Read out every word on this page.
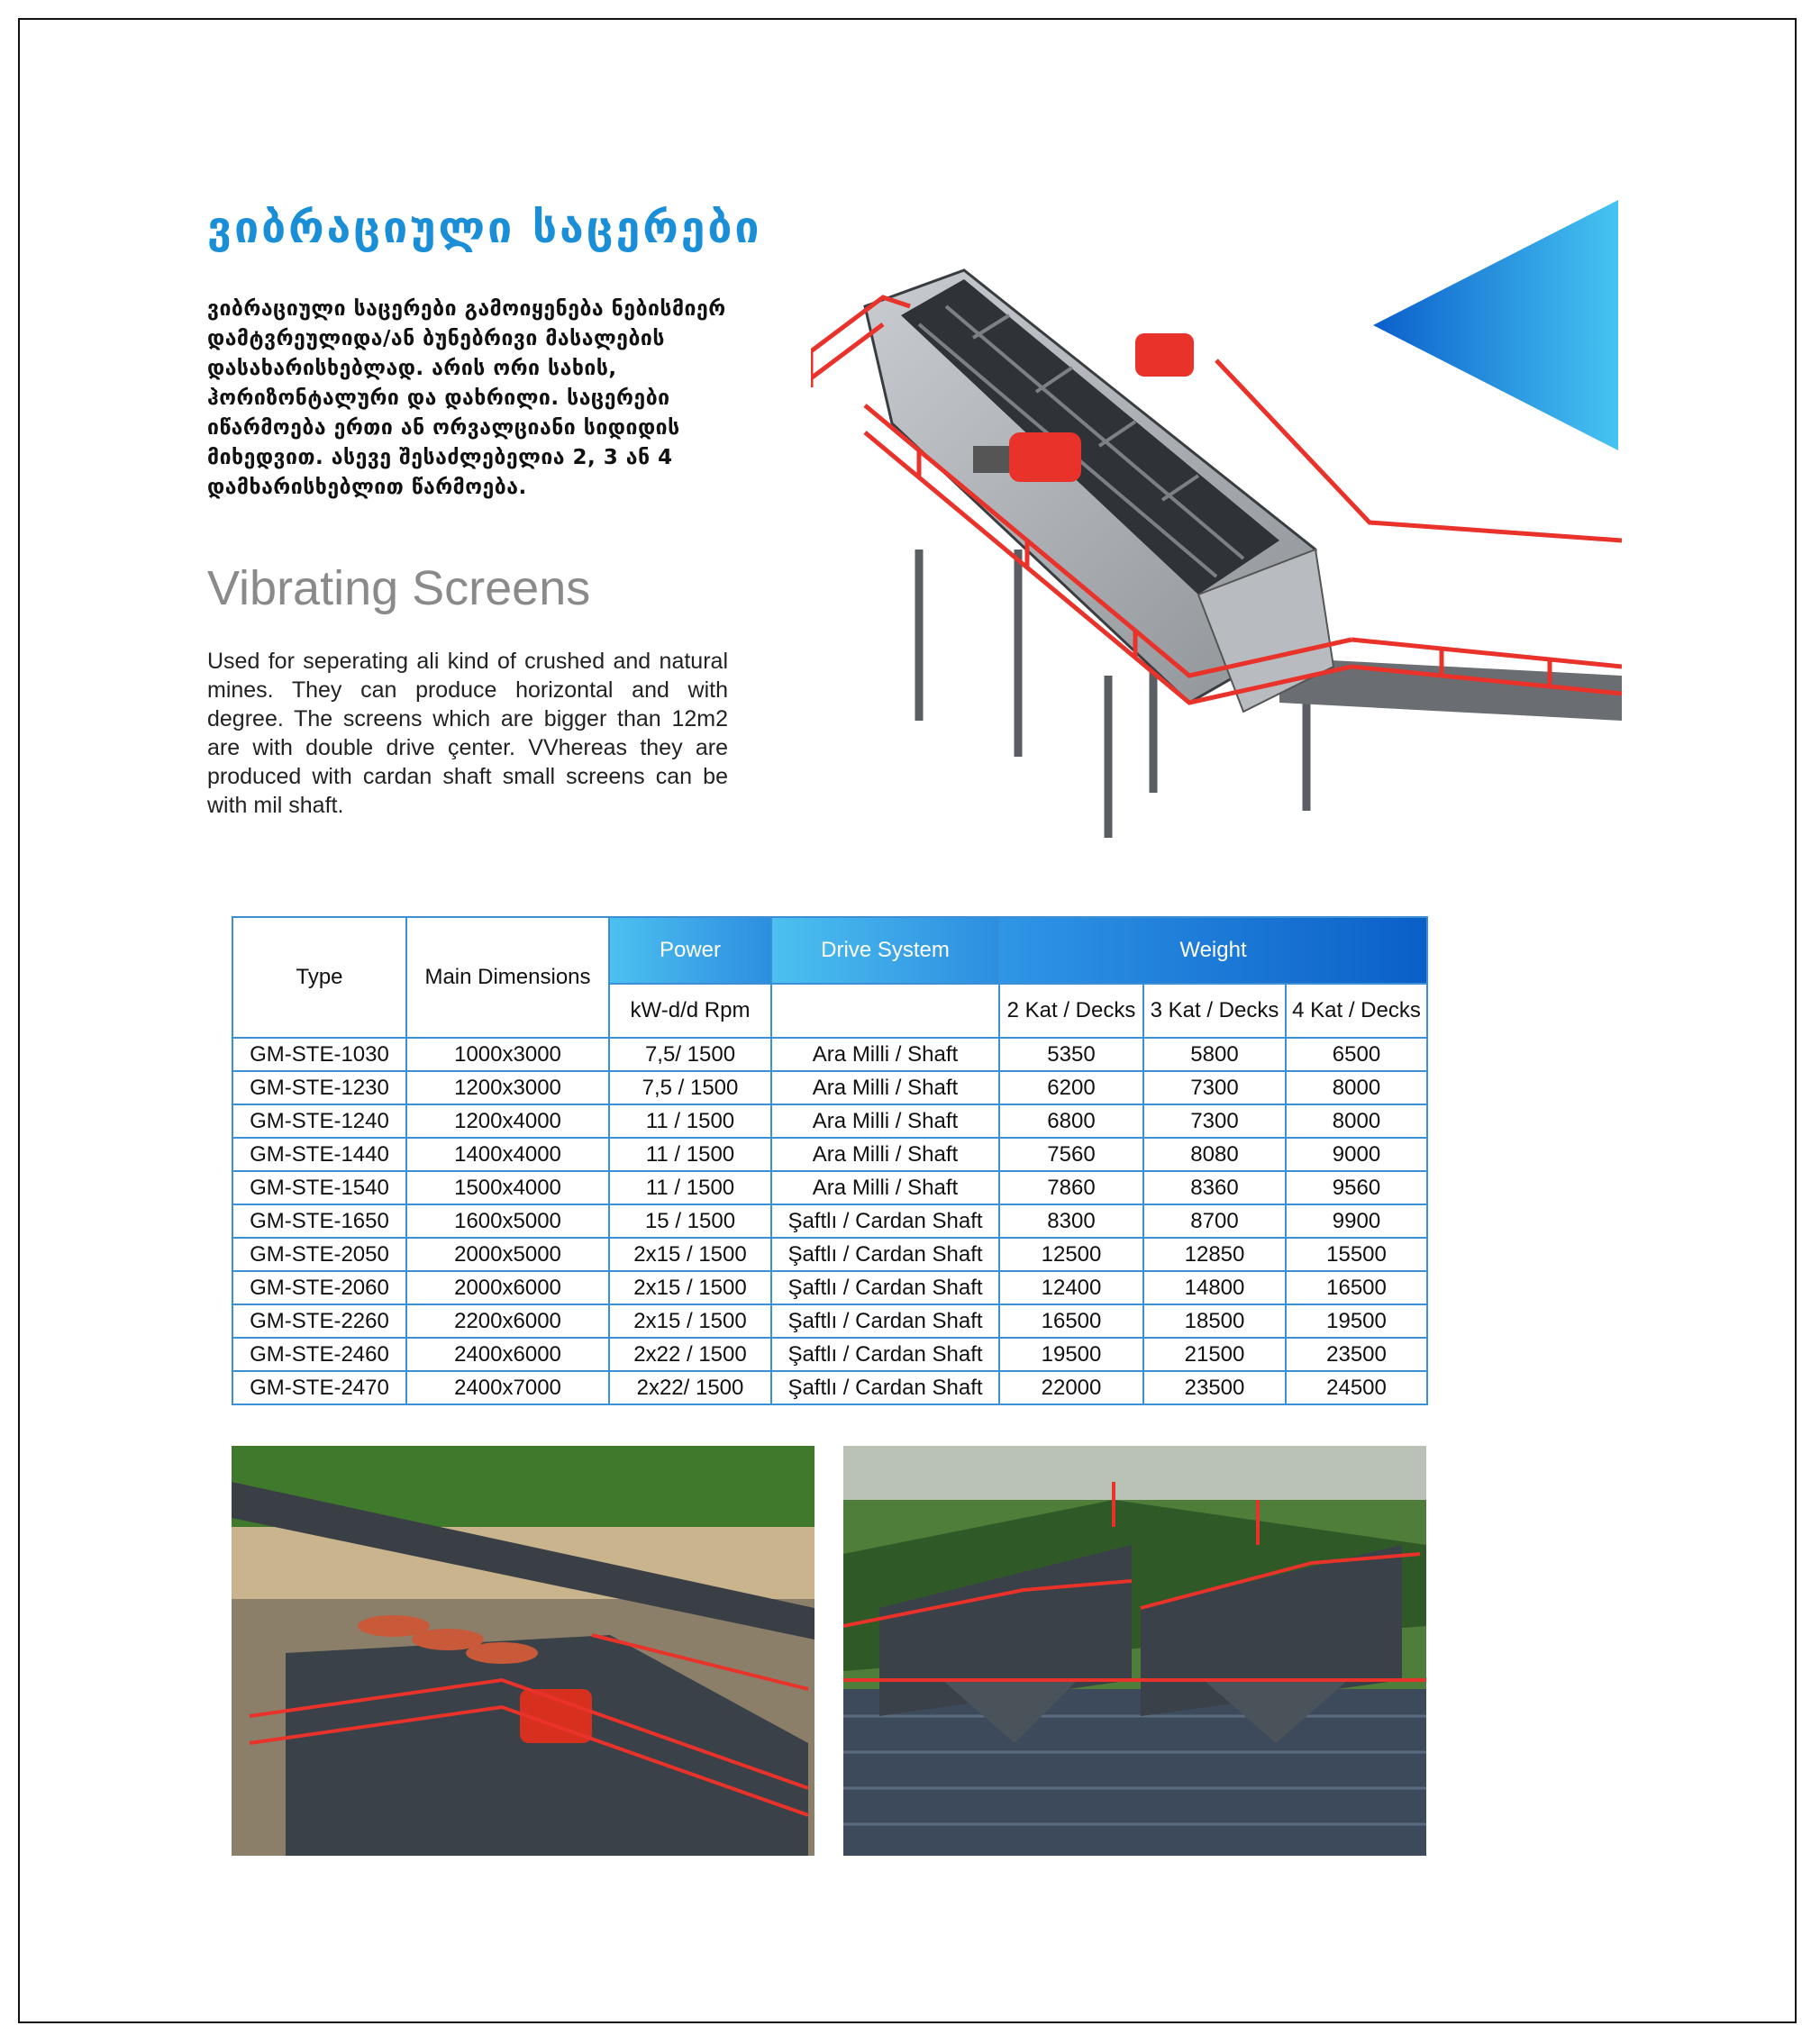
ვიბრაციული საცერები
ვიბრაციული საცერები გამოიყენება ნებისმიერ დამტვრეულიდა/ან ბუნებრივი მასალების დასახარისხებლად. არის ორი სახის, ჰორიზონტალური და დახრილი. საცერები იწარმოება ერთი ან ორვალციანი სიდიდის მიხედვით. ასევე შესაძლებელია 2, 3 ან 4 დამხარისხებლით წარმოება.
Vibrating Screens
Used for seperating ali kind of crushed and natural mines. They can produce horizontal and with degree. The screens which are bigger than 12m2 are with double drive çenter. VVhereas they are produced with cardan shaft small screens can be with mil shaft.
Type	Main Dimensions	Power	Drive System	Weight		
		kW-d/d Rpm		2 Kat / Decks	3 Kat / Decks	4 Kat / Decks
GM-STE-1030	1000x3000	7,5/ 1500	Ara Milli / Shaft	5350	5800	6500
GM-STE-1230	1200x3000	7,5 / 1500	Ara Milli / Shaft	6200	7300	8000
GM-STE-1240	1200x4000	11 / 1500	Ara Milli / Shaft	6800	7300	8000
GM-STE-1440	1400x4000	11 / 1500	Ara Milli / Shaft	7560	8080	9000
GM-STE-1540	1500x4000	11 / 1500	Ara Milli / Shaft	7860	8360	9560
GM-STE-1650	1600x5000	15 / 1500	Şaftlı / Cardan Shaft	8300	8700	9900
GM-STE-2050	2000x5000	2x15 / 1500	Şaftlı / Cardan Shaft	12500	12850	15500
GM-STE-2060	2000x6000	2x15 / 1500	Şaftlı / Cardan Shaft	12400	14800	16500
GM-STE-2260	2200x6000	2x15 / 1500	Şaftlı / Cardan Shaft	16500	18500	19500
GM-STE-2460	2400x6000	2x22 / 1500	Şaftlı / Cardan Shaft	19500	21500	23500
GM-STE-2470	2400x7000	2x22/ 1500	Şaftlı / Cardan Shaft	22000	23500	24500
